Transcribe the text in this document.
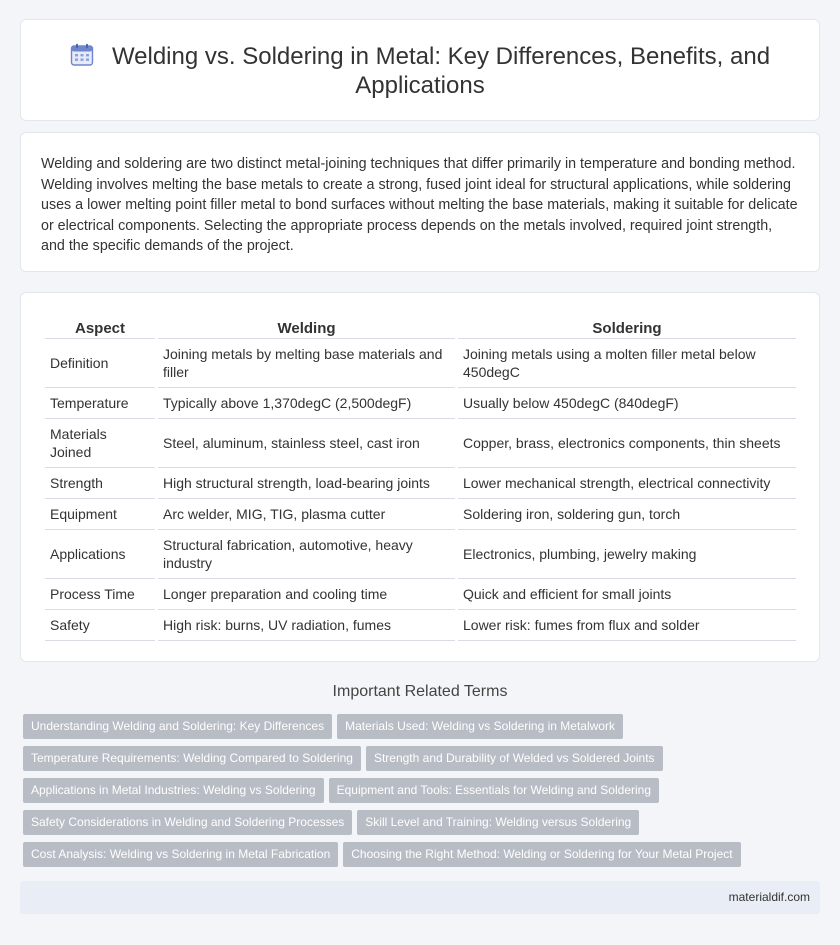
Welding vs. Soldering in Metal: Key Differences, Benefits, and Applications

Welding and soldering are two distinct metal-joining techniques that differ primarily in temperature and bonding method. Welding involves melting the base metals to create a strong, fused joint ideal for structural applications, while soldering uses a lower melting point filler metal to bond surfaces without melting the base materials, making it suitable for delicate or electrical components. Selecting the appropriate process depends on the metals involved, required joint strength, and the specific demands of the project.

Aspect	Welding	Soldering
Definition	Joining metals by melting base materials and filler	Joining metals using a molten filler metal below 450degC
Temperature	Typically above 1,370degC (2,500degF)	Usually below 450degC (840degF)
Materials Joined	Steel, aluminum, stainless steel, cast iron	Copper, brass, electronics components, thin sheets
Strength	High structural strength, load-bearing joints	Lower mechanical strength, electrical connectivity
Equipment	Arc welder, MIG, TIG, plasma cutter	Soldering iron, soldering gun, torch
Applications	Structural fabrication, automotive, heavy industry	Electronics, plumbing, jewelry making
Process Time	Longer preparation and cooling time	Quick and efficient for small joints
Safety	High risk: burns, UV radiation, fumes	Lower risk: fumes from flux and solder
Important Related Terms
Understanding Welding and Soldering: Key Differences Materials Used: Welding vs Soldering in Metalwork
Temperature Requirements: Welding Compared to Soldering Strength and Durability of Welded vs Soldered Joints
Applications in Metal Industries: Welding vs Soldering Equipment and Tools: Essentials for Welding and Soldering
Safety Considerations in Welding and Soldering Processes Skill Level and Training: Welding versus Soldering
Cost Analysis: Welding vs Soldering in Metal Fabrication Choosing the Right Method: Welding or Soldering for Your Metal Project
materialdif.com
